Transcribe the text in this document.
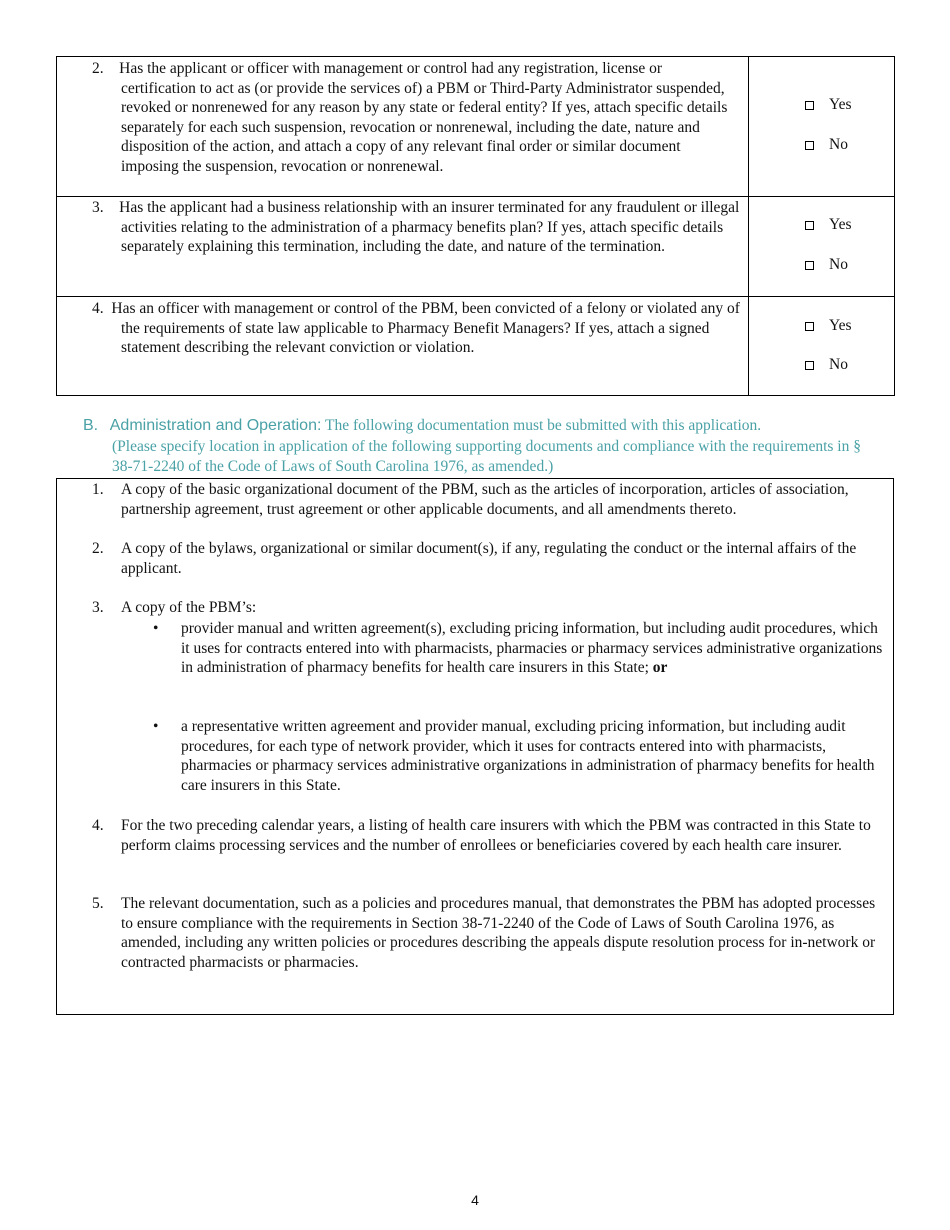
2. Has the applicant or officer with management or control had any registration, license or certification to act as (or provide the services of) a PBM or Third-Party Administrator suspended, revoked or nonrenewed for any reason by any state or federal entity? If yes, attach specific details separately for each such suspension, revocation or nonrenewal, including the date, nature and disposition of the action, and attach a copy of any relevant final order or similar document imposing the suspension, revocation or nonrenewal.	Yes
No

3. Has the applicant had a business relationship with an insurer terminated for any fraudulent or illegal activities relating to the administration of a pharmacy benefits plan? If yes, attach specific details separately explaining this termination, including the date, and nature of the termination.	Yes
No

4. Has an officer with management or control of the PBM, been convicted of a felony or violated any of the requirements of state law applicable to Pharmacy Benefit Managers? If yes, attach a signed statement describing the relevant conviction or violation.	Yes
No
B. Administration and Operation: The following documentation must be submitted with this application.
(Please specify location in application of the following supporting documents and compliance with the requirements in § 38-71-2240 of the Code of Laws of South Carolina 1976, as amended.)
1.	A copy of the basic organizational document of the PBM, such as the articles of incorporation, articles of association, partnership agreement, trust agreement or other applicable documents, and all amendments thereto.
2.	A copy of the bylaws, organizational or similar document(s), if any, regulating the conduct or the internal affairs of the applicant.
3.	A copy of the PBM’s:
•	provider manual and written agreement(s), excluding pricing information, but including audit procedures, which it uses for contracts entered into with pharmacists, pharmacies or pharmacy services administrative organizations in administration of pharmacy benefits for health care insurers in this State; or
•	a representative written agreement and provider manual, excluding pricing information, but including audit procedures, for each type of network provider, which it uses for contracts entered into with pharmacists, pharmacies or pharmacy services administrative organizations in administration of pharmacy benefits for health care insurers in this State.
4.	For the two preceding calendar years, a listing of health care insurers with which the PBM was contracted in this State to perform claims processing services and the number of enrollees or beneficiaries covered by each health care insurer.
5.	The relevant documentation, such as a policies and procedures manual, that demonstrates the PBM has adopted processes to ensure compliance with the requirements in Section 38-71-2240 of the Code of Laws of South Carolina 1976, as amended, including any written policies or procedures describing the appeals dispute resolution process for in-network or contracted pharmacists or pharmacies.
4
